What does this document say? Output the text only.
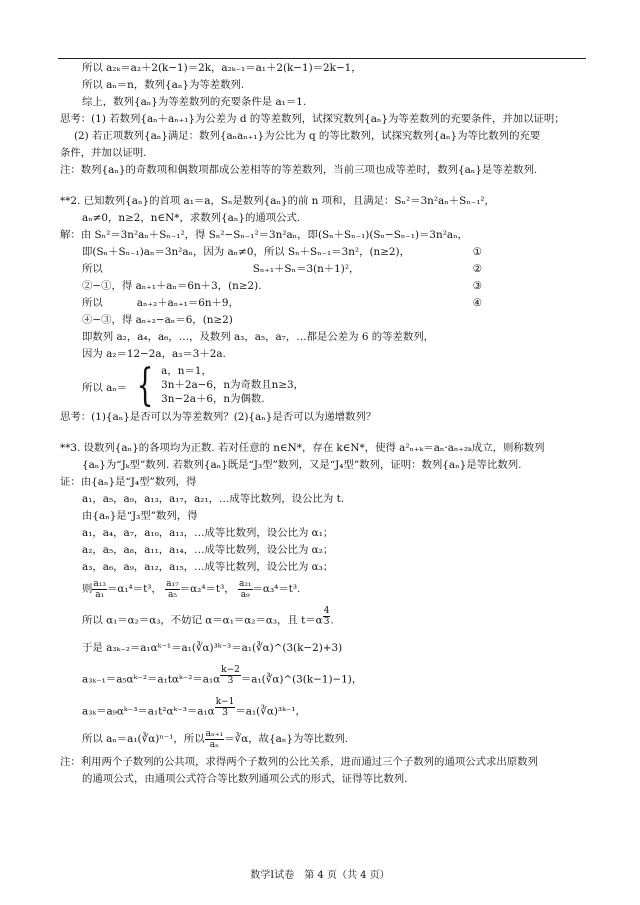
所以 a₂ₖ＝a₂＋2(k−1)＝2k，a₂ₖ₋₁＝a₁＋2(k−1)＝2k−1，
所以 aₙ＝n，数列{aₙ}为等差数列.
综上，数列{aₙ}为等差数列的充要条件是 a₁＝1.
思考：(1) 若数列{aₙ＋aₙ₊₁}为公差为 d 的等差数列，试探究数列{aₙ}为等差数列的充要条件，并加以证明；
(2) 若正项数列{aₙ}满足：数列{aₙaₙ₊₁}为公比为 q 的等比数列，试探究数列{aₙ}为等比数列的充要
条件，并加以证明.
注：数列{aₙ}的奇数项和偶数项都成公差相等的等差数列，当前三项也成等差时，数列{aₙ}是等差数列.
**2. 已知数列{aₙ}的首项 a₁＝a，Sₙ是数列{aₙ}的前 n 项和，且满足：Sₙ²＝3n²aₙ＋Sₙ₋₁²，
aₙ≠0，n≥2，n∈N*，求数列{aₙ}的通项公式.
解：由 Sₙ²＝3n²aₙ＋Sₙ₋₁²，得 Sₙ²−Sₙ₋₁²＝3n²aₙ，即(Sₙ＋Sₙ₋₁)(Sₙ−Sₙ₋₁)＝3n²aₙ，
即(Sₙ＋Sₙ₋₁)aₙ＝3n²aₙ，因为 aₙ≠0，所以 Sₙ＋Sₙ₋₁＝3n²，(n≥2)，	①
所以	Sₙ₊₁＋Sₙ＝3(n＋1)²，	②
②−①，得 aₙ₊₁＋aₙ＝6n＋3，(n≥2).	③
所以	aₙ₊₂＋aₙ₊₁＝6n＋9，	④
④−③，得 aₙ₊₂−aₙ＝6，(n≥2)
即数列 a₂，a₄，a₆，…，及数列 a₃，a₅，a₇，…都是公差为 6 的等差数列，
因为 a₂＝12−2a，a₃＝3＋2a.
所以 aₙ＝ { a，n＝1，
3n＋2a−6，n为奇数且n≥3，
3n−2a＋6，n为偶数.
思考：(1){aₙ}是否可以为等差数列？(2){aₙ}是否可以为递增数列？
**3. 设数列{aₙ}的各项均为正数. 若对任意的 n∈N*，存在 k∈N*，使得 a²ₙ₊ₖ＝aₙ·aₙ₊₂ₖ成立，则称数列
{aₙ}为“Jₖ型”数列. 若数列{aₙ}既是“J₃型”数列，又是“J₄型”数列，证明：数列{aₙ}是等比数列.
证：由{aₙ}是“J₄型”数列，得
a₁，a₅，a₉，a₁₃，a₁₇，a₂₁，…成等比数列，设公比为 t.
由{aₙ}是“J₃型”数列，得
a₁，a₄，a₇，a₁₀，a₁₃，…成等比数列，设公比为 α₁；
a₂，a₅，a₈，a₁₁，a₁₄，…成等比数列，设公比为 α₂；
a₃，a₆，a₉，a₁₂，a₁₅，…成等比数列，设公比为 α₃；
则 $\frac{\text{a₁₃}}{\text{a₁}} =\alpha_1^4=t^3$， $\frac{\text{a₁₇}}{\text{a₅}} =\alpha_2^4=t^3$， $\frac{\text{a₂₁}}{\text{a₉}} =\alpha_3^4=t^3$.
所以 α₁＝α₂＝α₃，不妨记 α＝α₁＝α₂＝α₃，且 t＝α $^{\frac{4}{3}}$ .
于是 a₃ₖ₋₂＝a₁αᵏ⁻¹＝a₁(∛α)³ᵏ⁻³＝a₁(∛α)^(3(k−2)+3)
a₃ₖ₋₁＝a₅αᵏ⁻²＝a₁tαᵏ⁻²＝a₁α $^{\frac{k-2}{3}}$ ＝a₁(∛α)^(3(k−1)−1)，
a₃ₖ＝a₉αᵏ⁻³＝a₁t²αᵏ⁻³＝a₁α $^{\frac{k-1}{3}}$ ＝a₁(∛α)³ᵏ⁻¹，
所以 aₙ＝a₁(∛α)ⁿ⁻¹，所以 $\frac{\text{aₙ₊₁}}{\text{aₙ}}$ ＝∛α，故{aₙ}为等比数列.
注：利用两个子数列的公共项，求得两个子数列的公比关系，进而通过三个子数列的通项公式求出原数列
的通项公式，由通项公式符合等比数列通项公式的形式，证得等比数列.
数学Ⅰ试卷　第 4 页（共 4 页）
